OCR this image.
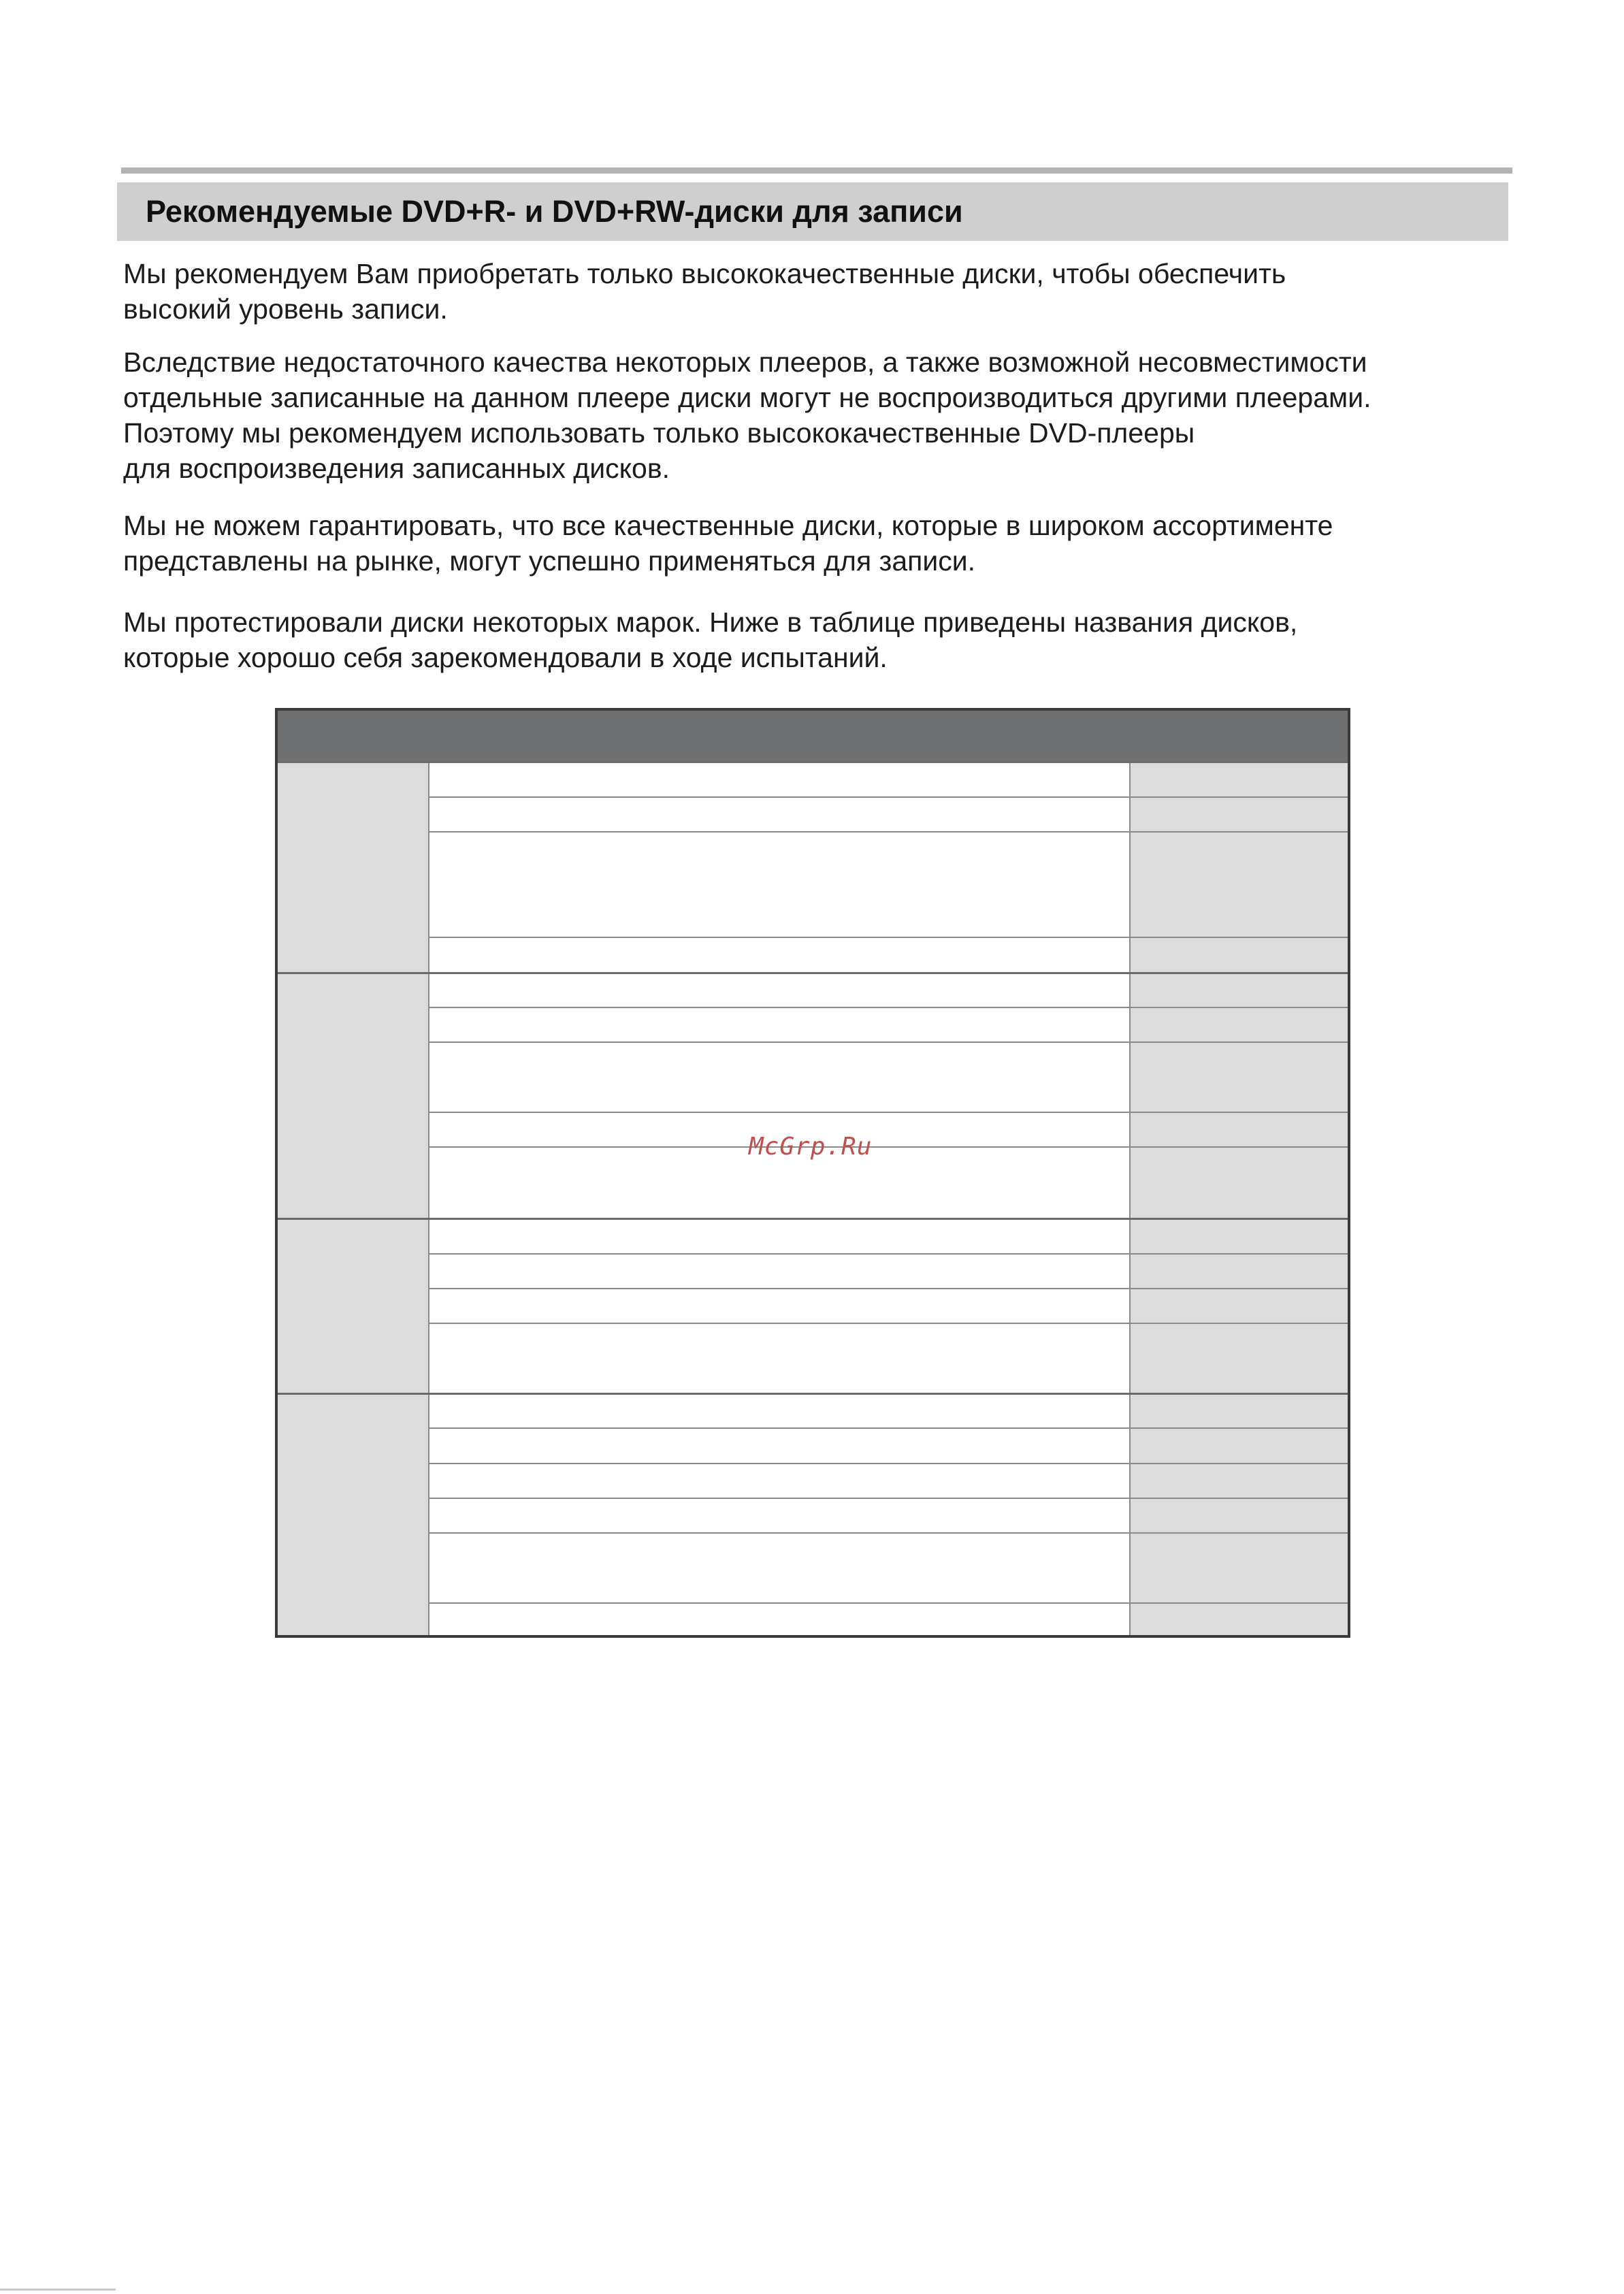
Рекомендуемые DVD+R- и DVD+RW-диски для записи

Мы рекомендуем Вам приобретать только высококачественные диски, чтобы обеспечить
высокий уровень записи.

Вследствие недостаточного качества некоторых плееров, а также возможной несовместимости
отдельные записанные на данном плеере диски могут не воспроизводиться другими плеерами.
Поэтому мы рекомендуем использовать только высококачественные DVD-плееры
для воспроизведения записанных дисков.

Мы не можем гарантировать, что все качественные диски, которые в широком ассортименте
представлены на рынке, могут успешно применяться для записи.

Мы протестировали диски некоторых марок. Ниже в таблице приведены названия дисков,
которые хорошо себя зарекомендовали в ходе испытаний.

McGrp.Ru
